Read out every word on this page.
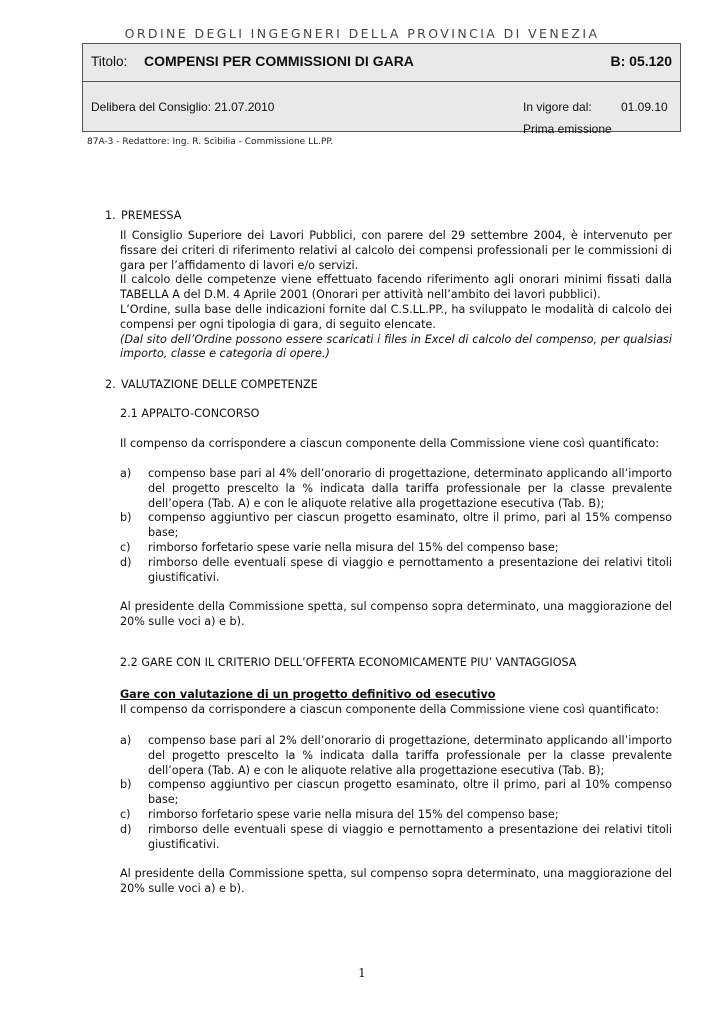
ORDINE DEGLI INGEGNERI DELLA PROVINCIA DI VENEZIA
Titolo: COMPENSI PER COMMISSIONI DI GARA	B: 05.120
Delibera del Consiglio: 21.07.2010	In vigore dal: 01.09.10
Prima emissione
87A-3 - Redattore: Ing. R. Scibilia - Commissione LL.PP.
1. PREMESSA

Il Consiglio Superiore dei Lavori Pubblici, con parere del 29 settembre 2004, è intervenuto per fissare dei criteri di riferimento relativi al calcolo dei compensi professionali per le commissioni di gara per l’affidamento di lavori e/o servizi.

Il calcolo delle competenze viene effettuato facendo riferimento agli onorari minimi fissati dalla TABELLA A del D.M. 4 Aprile 2001 (Onorari per attività nell’ambito dei lavori pubblici).

L’Ordine, sulla base delle indicazioni fornite dal C.S.LL.PP., ha sviluppato le modalità di calcolo dei compensi per ogni tipologia di gara, di seguito elencate.

(Dal sito dell’Ordine possono essere scaricati i files in Excel di calcolo del compenso, per qualsiasi importo, classe e categoria di opere.)

2. VALUTAZIONE DELLE COMPETENZE
2.1 APPALTO-CONCORSO
Il compenso da corrispondere a ciascun componente della Commissione viene così quantificato:
a) compenso base pari al 4% dell’onorario di progettazione, determinato applicando all’importo del progetto prescelto la % indicata dalla tariffa professionale per la classe prevalente dell’opera (Tab. A) e con le aliquote relative alla progettazione esecutiva (Tab. B);
b) compenso aggiuntivo per ciascun progetto esaminato, oltre il primo, pari al 15% compenso base;
c) rimborso forfetario spese varie nella misura del 15% del compenso base;
d) rimborso delle eventuali spese di viaggio e pernottamento a presentazione dei relativi titoli giustificativi.
Al presidente della Commissione spetta, sul compenso sopra determinato, una maggiorazione del 20% sulle voci a) e b).
2.2 GARE CON IL CRITERIO DELL’OFFERTA ECONOMICAMENTE PIU’ VANTAGGIOSA
Gare con valutazione di un progetto definitivo od esecutivo
Il compenso da corrispondere a ciascun componente della Commissione viene così quantificato:
a) compenso base pari al 2% dell’onorario di progettazione, determinato applicando all’importo del progetto prescelto la % indicata dalla tariffa professionale per la classe prevalente dell’opera (Tab. A) e con le aliquote relative alla progettazione esecutiva (Tab. B);
b) compenso aggiuntivo per ciascun progetto esaminato, oltre il primo, pari al 10% compenso base;
c) rimborso forfetario spese varie nella misura del 15% del compenso base;
d) rimborso delle eventuali spese di viaggio e pernottamento a presentazione dei relativi titoli giustificativi.
Al presidente della Commissione spetta, sul compenso sopra determinato, una maggiorazione del 20% sulle voci a) e b).
1
